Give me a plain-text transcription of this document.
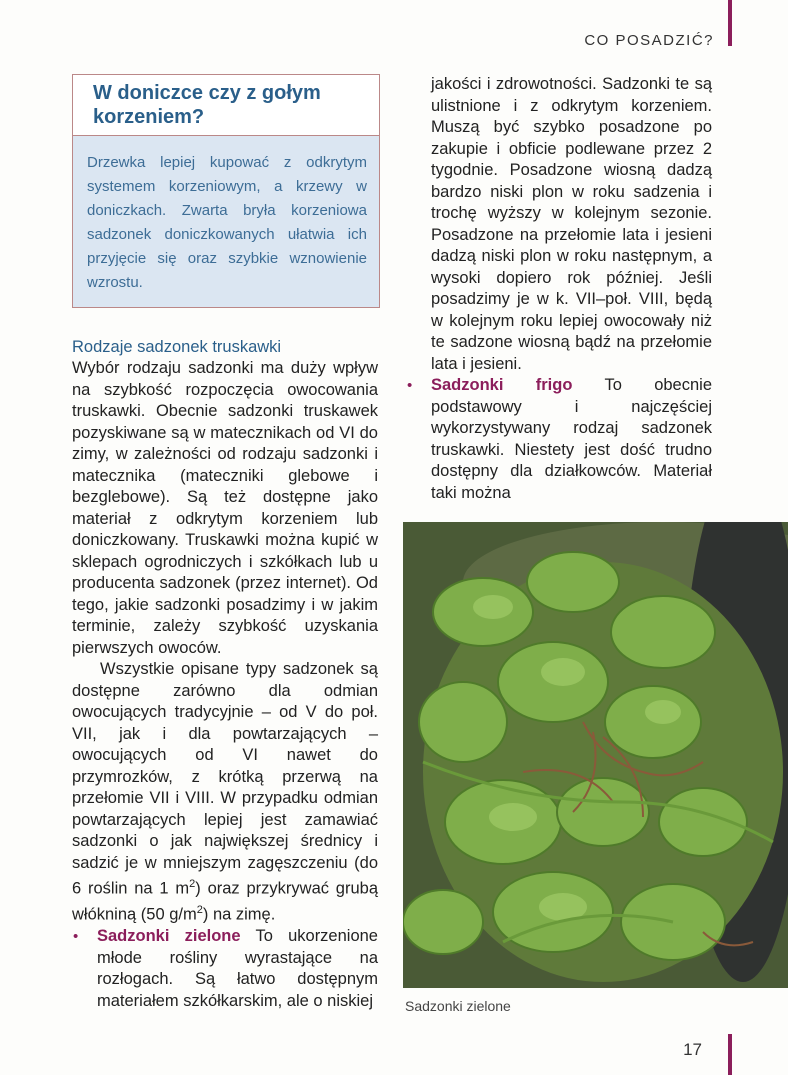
CO POSADZIĆ?
W doniczce czy z gołym korzeniem?
Drzewka lepiej kupować z odkrytym systemem korzeniowym, a krzewy w doniczkach. Zwarta bryła korzeniowa sadzonek doniczkowanych ułatwia ich przyjęcie się oraz szybkie wznowienie wzrostu.
Rodzaje sadzonek truskawki

Wybór rodzaju sadzonki ma duży wpływ na szybkość rozpoczęcia owocowania truskawki. Obecnie sadzonki truskawek pozyskiwane są w matecznikach od VI do zimy, w zależności od rodzaju sadzonki i matecznika (mateczniki glebowe i bezglebowe). Są też dostępne jako materiał z odkrytym korzeniem lub doniczkowany. Truskawki można kupić w sklepach ogrodniczych i szkółkach lub u producenta sadzonek (przez internet). Od tego, jakie sadzonki posadzimy i w jakim terminie, zależy szybkość uzyskania pierwszych owoców.

Wszystkie opisane typy sadzonek są dostępne zarówno dla odmian owocujących tradycyjnie – od V do poł. VII, jak i dla powtarzających – owocujących od VI nawet do przymrozków, z krótką przerwą na przełomie VII i VIII. W przypadku odmian powtarzających lepiej jest zamawiać sadzonki o jak największej średnicy i sadzić je w mniejszym zagęszczeniu (do 6 roślin na 1 $m^2$) oraz przykrywać grubą włókniną (50 $g/m^2$) na zimę.

• Sadzonki zielone To ukorzenione młode rośliny wyrastające na rozłogach. Są łatwo dostępnym materiałem szkółkarskim, ale o niskiej

jakości i zdrowotności. Sadzonki te są ulistnione i z odkrytym korzeniem. Muszą być szybko posadzone po zakupie i obficie podlewane przez 2 tygodnie. Posadzone wiosną dadzą bardzo niski plon w roku sadzenia i trochę wyższy w kolejnym sezonie. Posadzone na przełomie lata i jesieni dadzą niski plon w roku następnym, a wysoki dopiero rok później. Jeśli posadzimy je w k. VII–poł. VIII, będą w kolejnym roku lepiej owocowały niż te sadzone wiosną bądź na przełomie lata i jesieni.

• Sadzonki frigo To obecnie podstawowy i najczęściej wykorzystywany rodzaj sadzonek truskawki. Niestety jest dość trudno dostępny dla działkowców. Materiał taki można

Sadzonki zielone
17
